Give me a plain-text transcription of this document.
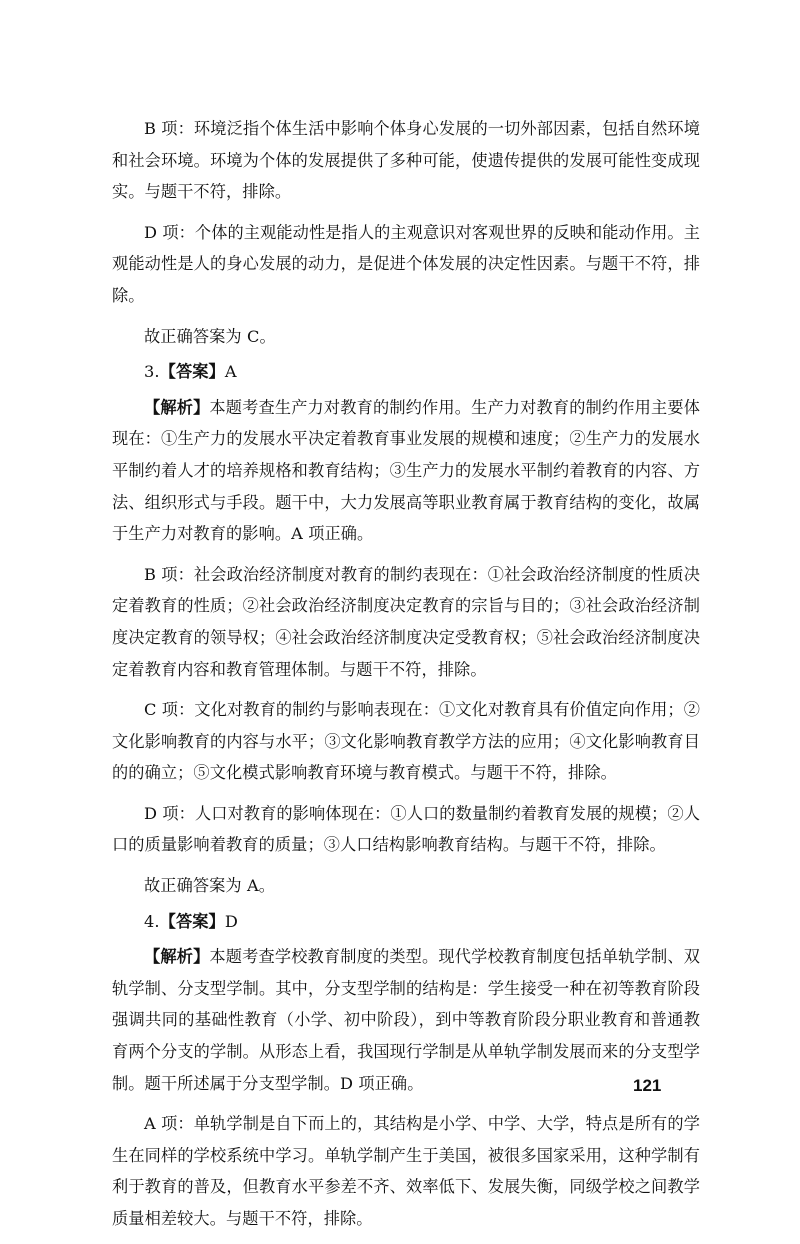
B 项：环境泛指个体生活中影响个体身心发展的一切外部因素，包括自然环境和社会环境。环境为个体的发展提供了多种可能，使遗传提供的发展可能性变成现实。与题干不符，排除。

D 项：个体的主观能动性是指人的主观意识对客观世界的反映和能动作用。主观能动性是人的身心发展的动力，是促进个体发展的决定性因素。与题干不符，排除。

故正确答案为 C。

3.【答案】A

【解析】本题考查生产力对教育的制约作用。生产力对教育的制约作用主要体现在：①生产力的发展水平决定着教育事业发展的规模和速度；②生产力的发展水平制约着人才的培养规格和教育结构；③生产力的发展水平制约着教育的内容、方法、组织形式与手段。题干中，大力发展高等职业教育属于教育结构的变化，故属于生产力对教育的影响。A 项正确。

B 项：社会政治经济制度对教育的制约表现在：①社会政治经济制度的性质决定着教育的性质；②社会政治经济制度决定教育的宗旨与目的；③社会政治经济制度决定教育的领导权；④社会政治经济制度决定受教育权；⑤社会政治经济制度决定着教育内容和教育管理体制。与题干不符，排除。

C 项：文化对教育的制约与影响表现在：①文化对教育具有价值定向作用；②文化影响教育的内容与水平；③文化影响教育教学方法的应用；④文化影响教育目的的确立；⑤文化模式影响教育环境与教育模式。与题干不符，排除。

D 项：人口对教育的影响体现在：①人口的数量制约着教育发展的规模；②人口的质量影响着教育的质量；③人口结构影响教育结构。与题干不符，排除。

故正确答案为 A。

4.【答案】D

【解析】本题考查学校教育制度的类型。现代学校教育制度包括单轨学制、双轨学制、分支型学制。其中，分支型学制的结构是：学生接受一种在初等教育阶段强调共同的基础性教育（小学、初中阶段），到中等教育阶段分职业教育和普通教育两个分支的学制。从形态上看，我国现行学制是从单轨学制发展而来的分支型学制。题干所述属于分支型学制。D 项正确。

A 项：单轨学制是自下而上的，其结构是小学、中学、大学，特点是所有的学生在同样的学校系统中学习。单轨学制产生于美国，被很多国家采用，这种学制有利于教育的普及，但教育水平参差不齐、效率低下、发展失衡，同级学校之间教学质量相差较大。与题干不符，排除。

121
